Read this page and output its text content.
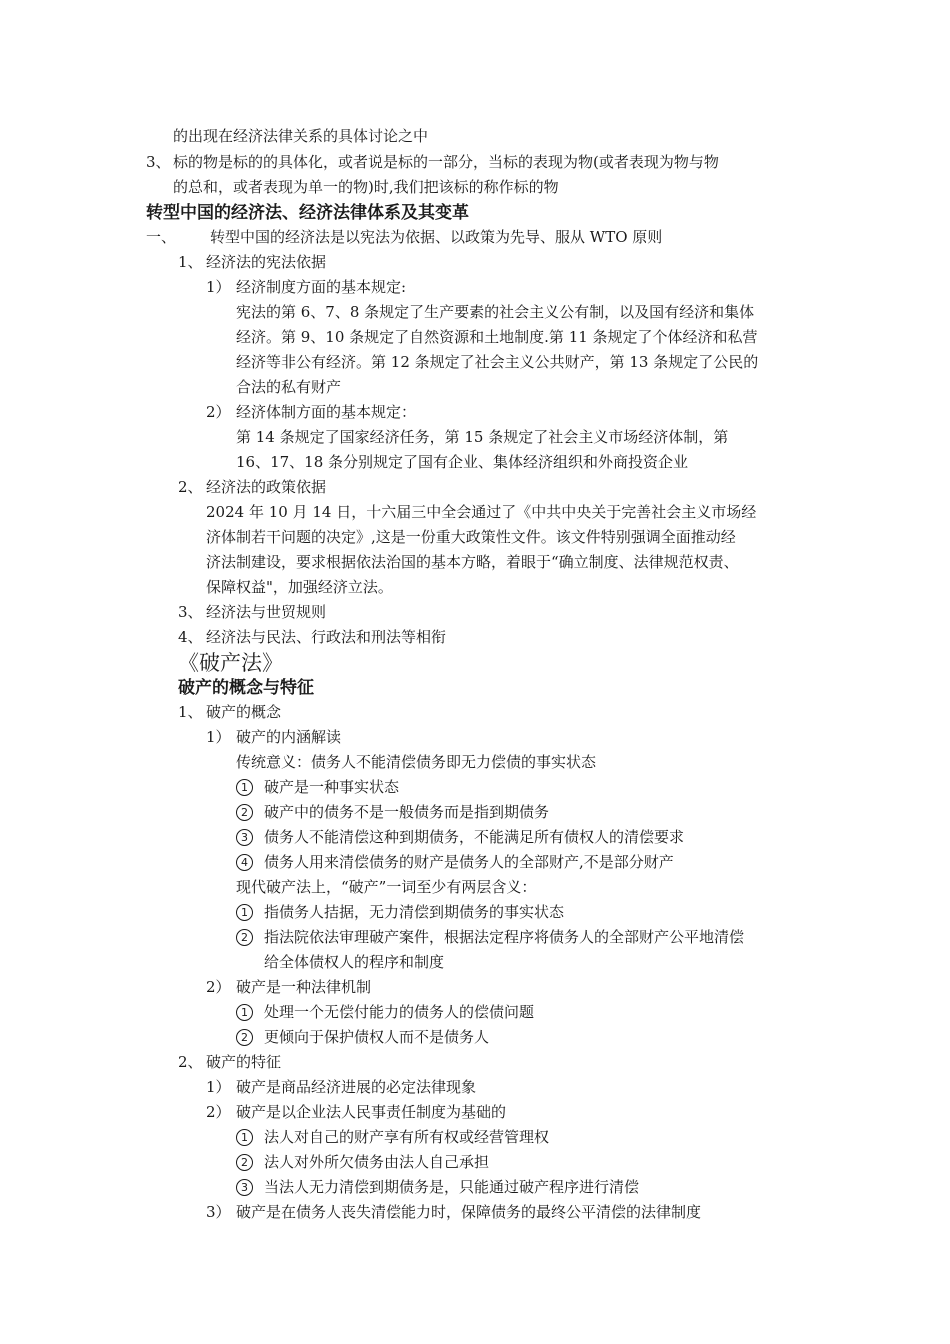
的出现在经济法律关系的具体讨论之中
3、 标的物是标的的具体化，或者说是标的一部分，当标的表现为物(或者表现为物与物
的总和，或者表现为单一的物)时,我们把该标的称作标的物
转型中国的经济法、经济法律体系及其变革
一、 转型中国的经济法是以宪法为依据、以政策为先导、服从 WTO 原则
1、 经济法的宪法依据
1） 经济制度方面的基本规定:
宪法的第 6、7、8 条规定了生产要素的社会主义公有制，以及国有经济和集体
经济。第 9、10 条规定了自然资源和土地制度.第 11 条规定了个体经济和私营
经济等非公有经济。第 12 条规定了社会主义公共财产，第 13 条规定了公民的
合法的私有财产
2） 经济体制方面的基本规定：
第 14 条规定了国家经济任务，第 15 条规定了社会主义市场经济体制，第
16、17、18 条分别规定了国有企业、集体经济组织和外商投资企业
2、 经济法的政策依据
2024 年 10 月 14 日，十六届三中全会通过了《中共中央关于完善社会主义市场经
济体制若干问题的决定》,这是一份重大政策性文件。该文件特别强调全面推动经
济法制建设，要求根据依法治国的基本方略，着眼于“确立制度、法律规范权责、
保障权益"，加强经济立法。
3、 经济法与世贸规则
4、 经济法与民法、行政法和刑法等相衔
《破产法》
破产的概念与特征
1、 破产的概念
1） 破产的内涵解读
传统意义：债务人不能清偿债务即无力偿债的事实状态
1	破产是一种事实状态
2	破产中的债务不是一般债务而是指到期债务
3	债务人不能清偿这种到期债务，不能满足所有债权人的清偿要求
4	债务人用来清偿债务的财产是债务人的全部财产,不是部分财产
现代破产法上，“破产”一词至少有两层含义：
1	指债务人拮据，无力清偿到期债务的事实状态
2	指法院依法审理破产案件，根据法定程序将债务人的全部财产公平地清偿
给全体债权人的程序和制度
2） 破产是一种法律机制
1	处理一个无偿付能力的债务人的偿债问题
2	更倾向于保护债权人而不是债务人
2、 破产的特征
1） 破产是商品经济进展的必定法律现象
2） 破产是以企业法人民事责任制度为基础的
1	法人对自己的财产享有所有权或经营管理权
2	法人对外所欠债务由法人自己承担
3	当法人无力清偿到期债务是，只能通过破产程序进行清偿
3） 破产是在债务人丧失清偿能力时，保障债务的最终公平清偿的法律制度
